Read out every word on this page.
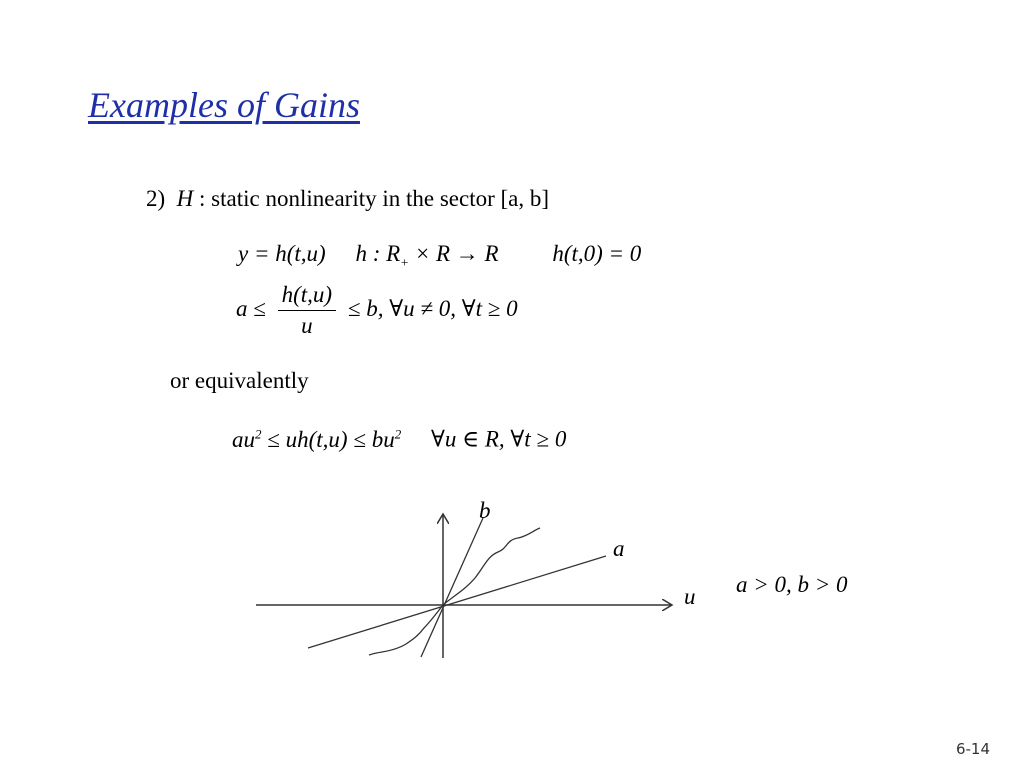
Examples of Gains
2) H : static nonlinearity in the sector [a, b]
y = h(t,u) h : $R_+ \times R \to R$ h(t,0) = 0
$a \le \frac{h(t,u)}{u} \le b$, ∀u ≠ 0, ∀t ≥ 0
or equivalently
$au^2 \le uh(t,u) \le bu^2$ ∀u ∈ R, ∀t ≥ 0
b
a
u a > 0, b > 0
6-14
